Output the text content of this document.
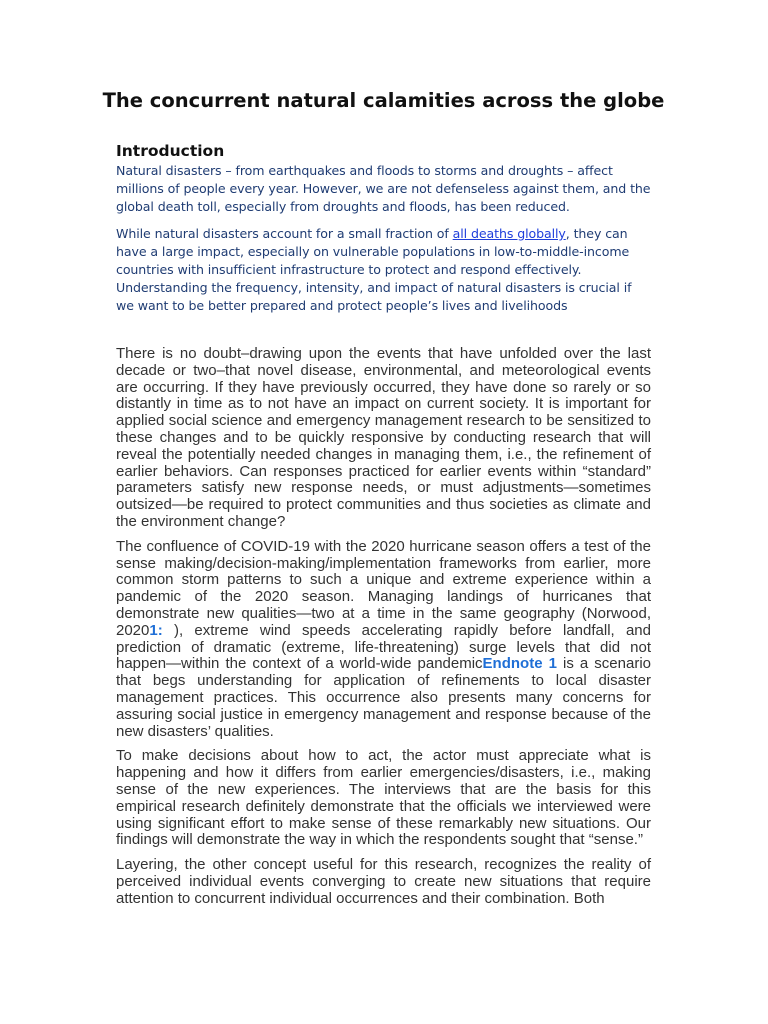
The concurrent natural calamities across the globe
Introduction

Natural disasters – from earthquakes and floods to storms and droughts – affect millions of people every year. However, we are not defenseless against them, and the global death toll, especially from droughts and floods, has been reduced.

While natural disasters account for a small fraction of all deaths globally, they can have a large impact, especially on vulnerable populations in low-to-middle-income countries with insufficient infrastructure to protect and respond effectively. Understanding the frequency, intensity, and impact of natural disasters is crucial if we want to be better prepared and protect people’s lives and livelihoods

There is no doubt–drawing upon the events that have unfolded over the last decade or two–that novel disease, environmental, and meteorological events are occurring. If they have previously occurred, they have done so rarely or so distantly in time as to not have an impact on current society. It is important for applied social science and emergency management research to be sensitized to these changes and to be quickly responsive by conducting research that will reveal the potentially needed changes in managing them, i.e., the refinement of earlier behaviors. Can responses practiced for earlier events within “standard” parameters satisfy new response needs, or must adjustments—sometimes outsized—be required to protect communities and thus societies as climate and the environment change?

The confluence of COVID-19 with the 2020 hurricane season offers a test of the sense making/decision-making/implementation frameworks from earlier, more common storm patterns to such a unique and extreme experience within a pandemic of the 2020 season. Managing landings of hurricanes that demonstrate new qualities—two at a time in the same geography (Norwood, 20201: ), extreme wind speeds accelerating rapidly before landfall, and prediction of dramatic (extreme, life-threatening) surge levels that did not happen—within the context of a world-wide pandemicEndnote 1 is a scenario that begs understanding for application of refinements to local disaster management practices. This occurrence also presents many concerns for assuring social justice in emergency management and response because of the new disasters’ qualities.

To make decisions about how to act, the actor must appreciate what is happening and how it differs from earlier emergencies/disasters, i.e., making sense of the new experiences. The interviews that are the basis for this empirical research definitely demonstrate that the officials we interviewed were using significant effort to make sense of these remarkably new situations. Our findings will demonstrate the way in which the respondents sought that “sense.”

Layering, the other concept useful for this research, recognizes the reality of perceived individual events converging to create new situations that require attention to concurrent individual occurrences and their combination. Both
